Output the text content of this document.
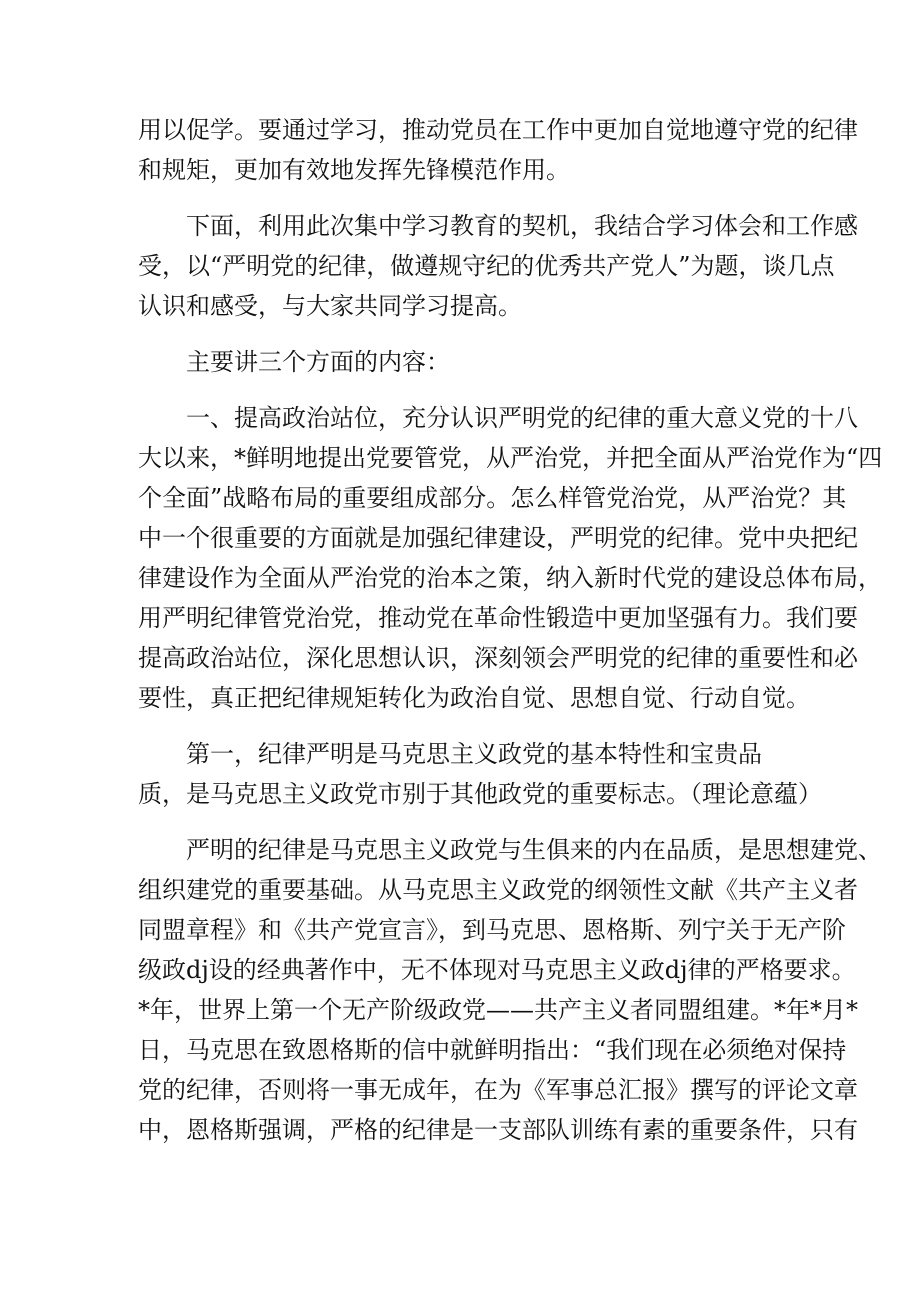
用以促学。要通过学习，推动党员在工作中更加自觉地遵守党的纪律
和规矩，更加有效地发挥先锋模范作用。
下面，利用此次集中学习教育的契机，我结合学习体会和工作感
受，以“严明党的纪律，做遵规守纪的优秀共产党人”为题，谈几点
认识和感受，与大家共同学习提高。
主要讲三个方面的内容：
一、提高政治站位，充分认识严明党的纪律的重大意义党的十八
大以来，*鲜明地提出党要管党，从严治党，并把全面从严治党作为“四
个全面”战略布局的重要组成部分。怎么样管党治党，从严治党？其
中一个很重要的方面就是加强纪律建设，严明党的纪律。党中央把纪
律建设作为全面从严治党的治本之策，纳入新时代党的建设总体布局，
用严明纪律管党治党，推动党在革命性锻造中更加坚强有力。我们要
提高政治站位，深化思想认识，深刻领会严明党的纪律的重要性和必
要性，真正把纪律规矩转化为政治自觉、思想自觉、行动自觉。
第一，纪律严明是马克思主义政党的基本特性和宝贵品
质，是马克思主义政党市别于其他政党的重要标志。（理论意蕴）
严明的纪律是马克思主义政党与生俱来的内在品质，是思想建党、
组织建党的重要基础。从马克思主义政党的纲领性文献《共产主义者
同盟章程》和《共产党宣言》，到马克思、恩格斯、列宁关于无产阶
级政dj设的经典著作中，无不体现对马克思主义政dj律的严格要求。
*年，世界上第一个无产阶级政党——共产主义者同盟组建。*年*月*
日，马克思在致恩格斯的信中就鲜明指出：“我们现在必须绝对保持
党的纪律，否则将一事无成年，在为《军事总汇报》撰写的评论文章
中，恩格斯强调，严格的纪律是一支部队训练有素的重要条件，只有
